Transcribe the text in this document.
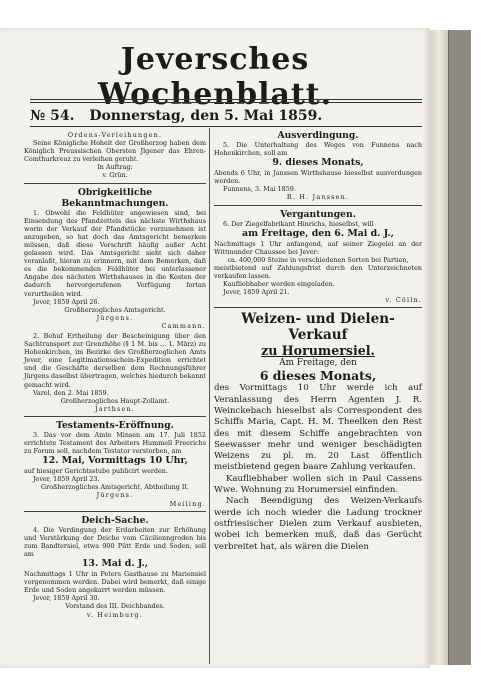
Jeversches Wochenblatt.
№ 54. Donnerstag, den 5. Mai 1859.

Ordens-Verleihungen.

Seine Königliche Hoheit der Großherzog haben dem Königlich Preussischen Obersten Jlgener das Ehren-Comthurkreuz zu verleihen geruht.

In Auftrag:

v. Grün.

Obrigkeitliche Bekanntmachungen.

1. Obwohl die Feldhüter angewiesen sind, bei Einsendung des Pfandzettels das nächste Wirthshaus worin der Verkauf der Pfandstücke vorzunehmen ist anzugeben, so hat doch das Amtsgericht bemerken müssen, daß diese Vorschrift häufig außer Acht gelassen wird. Das Amtsgericht sieht sich daher veranlaßt, hieran zu erinnern, mit dem Bemerken, daß es die bekommenden Feldhüter bei unterlassener Angabe des nächsten Wirthshauses in die Kosten der dadurch hervorgerufenen Verfügung fortan verurtheilen wird.

Jever, 1859 April 26.

Großherzogliches Amtsgericht.

Jürgens.

Cammann.

2. Behuf Ertheilung der Bescheinigung über den Sachtransport zur Grenzhöhe (§ 1 M. bis ... 1. März) zu Hohenkirchen, im Bezirke des Großherzoglichen Amts Jever, eine Legitimationsschein-Expedition errichtet und die Geschäfte derselben dem Rechnungsführer Jürgens daselbst übertragen, welches hiedurch bekannt gemacht wird.

Varel, den 2. Mai 1859.

Großherzogliches Haupt-Zollamt.

Jarthsen.

Testaments-Eröffnung.

3. Das vor dem Amte Minsen am 17. Juli 1852 errichtete Testament des Arbeiters Hummell Freerichs zu Forum soll, nachdem Testator verstorben, am

12. Mai, Vormittags 10 Uhr,

auf hiesiger Gerichtsstube publicirt werden.

Jever, 1859 April 23.

Großherzogliches Amtsgericht, Abtheilung II.

Jürgens.

Meiling.

Deich-Sache.

4. Die Verdingung der Erdarbeiten zur Erhöhung und Verstärkung der Deiche vom Cäcilienngroden bis zum Bandtersiel, etwa 900 Pütt Erde und Soden, soll am

13. Mai d. J.,

Nachmittags 1 Uhr in Peters Gasthause zu Mariensiel vorgenommen werden. Dabei wird bemerkt, daß einige Erde und Soden angekarrt werden müssen.

Jever, 1859 April 30.

Vorstand des III. Deichbandes.

v. Heimburg.

Ausverdingung.

5. Die Unterhaltung des Weges von Funnens nach Hohenkirchen, soll am

9. dieses Monats,

Abends 6 Uhr, in Janssen Wirthshause hieselbst ausverdungen werden.

Funnens, 3. Mai 1859.

R. H. Janssen.

Vergantungen.

6. Der Ziegelfabrikant Hinrichs, hieselbst, will

am Freitage, den 6. Mai d. J.,

Nachmittags 1 Uhr anfangend, auf seiner Ziegelei an der Wittmunder Chaussee bei Jever:

ca. 400,000 Steine in verschiedenen Sorten bei Partien,

meistbietend auf Zahlungsfrist durch den Unterzeichneten verkaufen lassen.

Kaufliebhaber werden eingeladen.

Jever, 1859 April 21.

v. Cölln.

Weizen- und Dielen-Verkauf

zu Horumersiel.

Am Freitage, den

6 dieses Monats,

des Vormittags 10 Uhr werde ich auf Veranlassung des Herrn Agenten J. R. Weinckebach hieselbst als Correspondent des Schiffs Maria, Capt. H. M. Theelken den Rest des mit diesem Schiffe angebrachten von Seewasser mehr und weniger beschädigten Weizens zu pl. m. 20 Last öffentlich meistbietend gegen baare Zahlung verkaufen.

Kaufliebhaber wollen sich in Paul Cassens Wwe. Wohnung zu Horumersiel einfinden.

Nach Beendigung des Weizen-Verkaufs werde ich noch wieder die Ladung trockner ostfriesischer Dielen zum Verkauf ausbieten, wobei ich bemerken muß, daß das Gerücht verbreitet hat, als wären die Dielen
